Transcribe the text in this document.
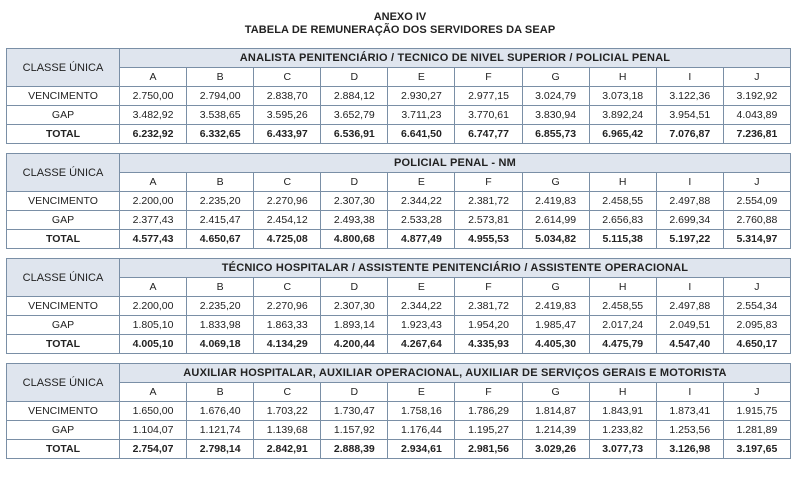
ANEXO IV
TABELA DE REMUNERAÇÃO DOS SERVIDORES DA SEAP
CLASSE ÚNICA	ANALISTA PENITENCIÁRIO / TECNICO DE NIVEL SUPERIOR / POLICIAL PENAL									
	A	B	C	D	E	F	G	H	I	J
VENCIMENTO	2.750,00	2.794,00	2.838,70	2.884,12	2.930,27	2.977,15	3.024,79	3.073,18	3.122,36	3.192,92
GAP	3.482,92	3.538,65	3.595,26	3.652,79	3.711,23	3.770,61	3.830,94	3.892,24	3.954,51	4.043,89
TOTAL	6.232,92	6.332,65	6.433,97	6.536,91	6.641,50	6.747,77	6.855,73	6.965,42	7.076,87	7.236,81
CLASSE ÚNICA	POLICIAL PENAL - NM									
	A	B	C	D	E	F	G	H	I	J
VENCIMENTO	2.200,00	2.235,20	2.270,96	2.307,30	2.344,22	2.381,72	2.419,83	2.458,55	2.497,88	2.554,09
GAP	2.377,43	2.415,47	2.454,12	2.493,38	2.533,28	2.573,81	2.614,99	2.656,83	2.699,34	2.760,88
TOTAL	4.577,43	4.650,67	4.725,08	4.800,68	4.877,49	4.955,53	5.034,82	5.115,38	5.197,22	5.314,97
CLASSE ÚNICA	TÉCNICO HOSPITALAR / ASSISTENTE PENITENCIÁRIO / ASSISTENTE OPERACIONAL									
	A	B	C	D	E	F	G	H	I	J
VENCIMENTO	2.200,00	2.235,20	2.270,96	2.307,30	2.344,22	2.381,72	2.419,83	2.458,55	2.497,88	2.554,34
GAP	1.805,10	1.833,98	1.863,33	1.893,14	1.923,43	1.954,20	1.985,47	2.017,24	2.049,51	2.095,83
TOTAL	4.005,10	4.069,18	4.134,29	4.200,44	4.267,64	4.335,93	4.405,30	4.475,79	4.547,40	4.650,17
CLASSE ÚNICA	AUXILIAR HOSPITALAR, AUXILIAR OPERACIONAL, AUXILIAR DE SERVIÇOS GERAIS E MOTORISTA									
	A	B	C	D	E	F	G	H	I	J
VENCIMENTO	1.650,00	1.676,40	1.703,22	1.730,47	1.758,16	1.786,29	1.814,87	1.843,91	1.873,41	1.915,75
GAP	1.104,07	1.121,74	1.139,68	1.157,92	1.176,44	1.195,27	1.214,39	1.233,82	1.253,56	1.281,89
TOTAL	2.754,07	2.798,14	2.842,91	2.888,39	2.934,61	2.981,56	3.029,26	3.077,73	3.126,98	3.197,65
